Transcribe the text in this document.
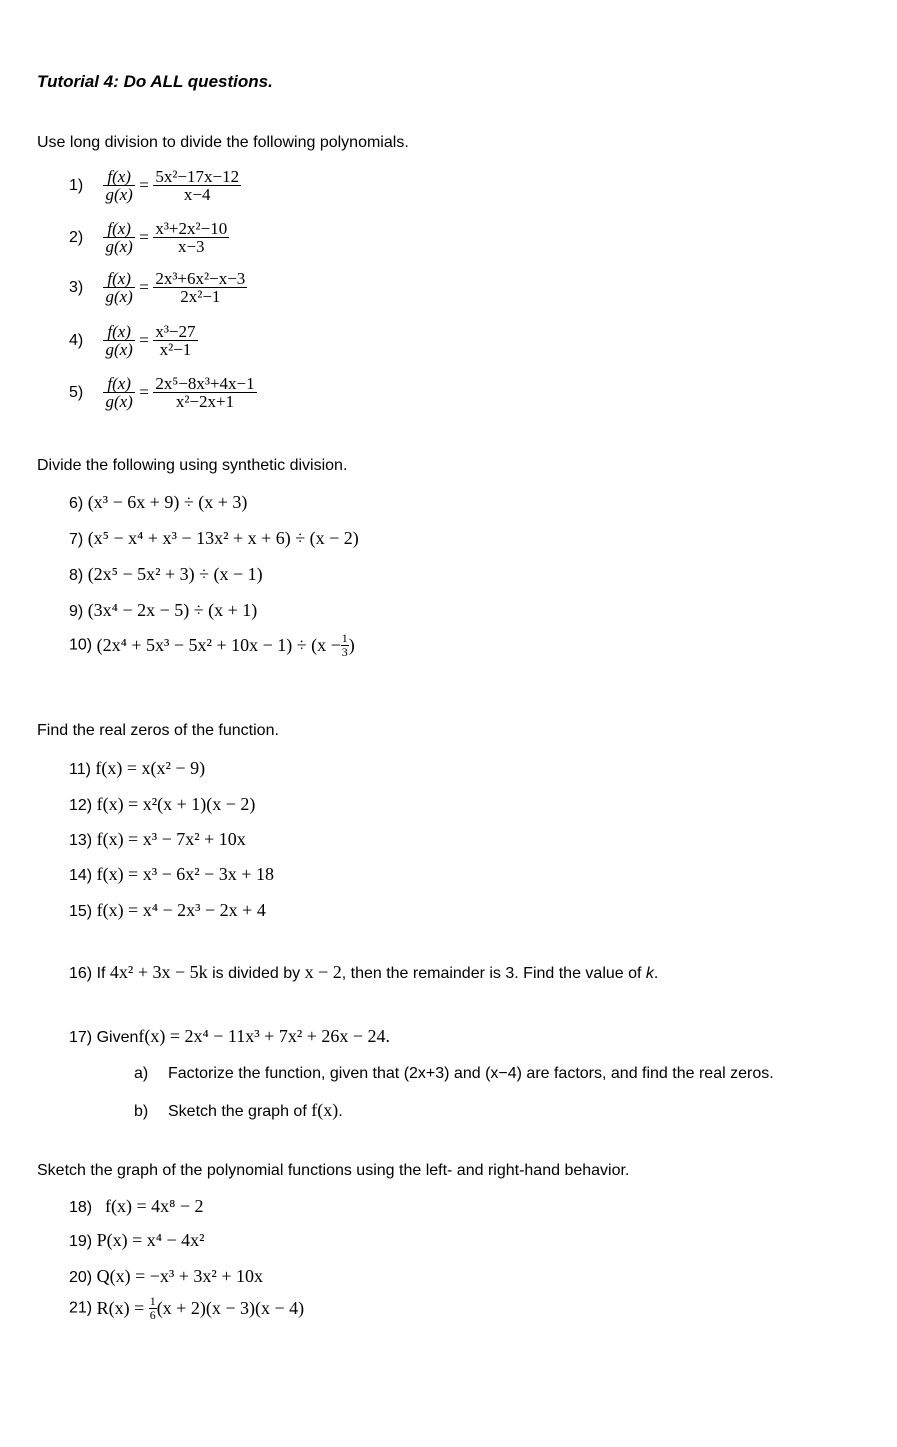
Tutorial 4: Do ALL questions.
Use long division to divide the following polynomials.
$1) \frac{f(x)}{g(x)} = \frac{\text{5x²−17x−12}}{x-4}$
$2) \frac{f(x)}{g(x)} = \frac{\text{x³+2x²−10}}{x-3}$
$3) \frac{f(x)}{g(x)} = \frac{\text{2x³+6x²−x−3}}{\text{2x²−1}}$
$4) \frac{f(x)}{g(x)} = \frac{\text{x³−27}}{\text{x²−1}}$
$5) \frac{f(x)}{g(x)} = \frac{\text{2x⁵−8x³+4x−1}}{\text{x²−2x+1}}$
Divide the following using synthetic division.
6) (x³ − 6x + 9) ÷ (x + 3)
7) (x⁵ − x⁴ + x³ − 13x² + x + 6) ÷ (x − 2)
8) (2x⁵ − 5x² + 3) ÷ (x − 1)
9) (3x⁴ − 2x − 5) ÷ (x + 1)
10) $(2x^4 + 5x^3 - 5x^2 + 10x - 1) \div (x - \frac{1}{3}$ )
Find the real zeros of the function.
11) f(x) = x(x² − 9)
12) f(x) = x²(x + 1)(x − 2)
13) f(x) = x³ − 7x² + 10x
14) f(x) = x³ − 6x² − 3x + 18
15) f(x) = x⁴ − 2x³ − 2x + 4
16) If 4x² + 3x − 5k is divided by x − 2, then the remainder is 3. Find the value of k.
17) Givenf(x) = 2x⁴ − 11x³ + 7x² + 26x − 24.
a) Factorize the function, given that (2x+3) and (x−4) are factors, and find the real zeros.
b) Sketch the graph of f(x).
Sketch the graph of the polynomial functions using the left- and right-hand behavior.
18) f(x) = 4x⁸ − 2
19) P(x) = x⁴ − 4x²
20) Q(x) = −x³ + 3x² + 10x
21) $R(x) = \frac{1}{6} (x + 2)(x - 3)(x - 4)$
